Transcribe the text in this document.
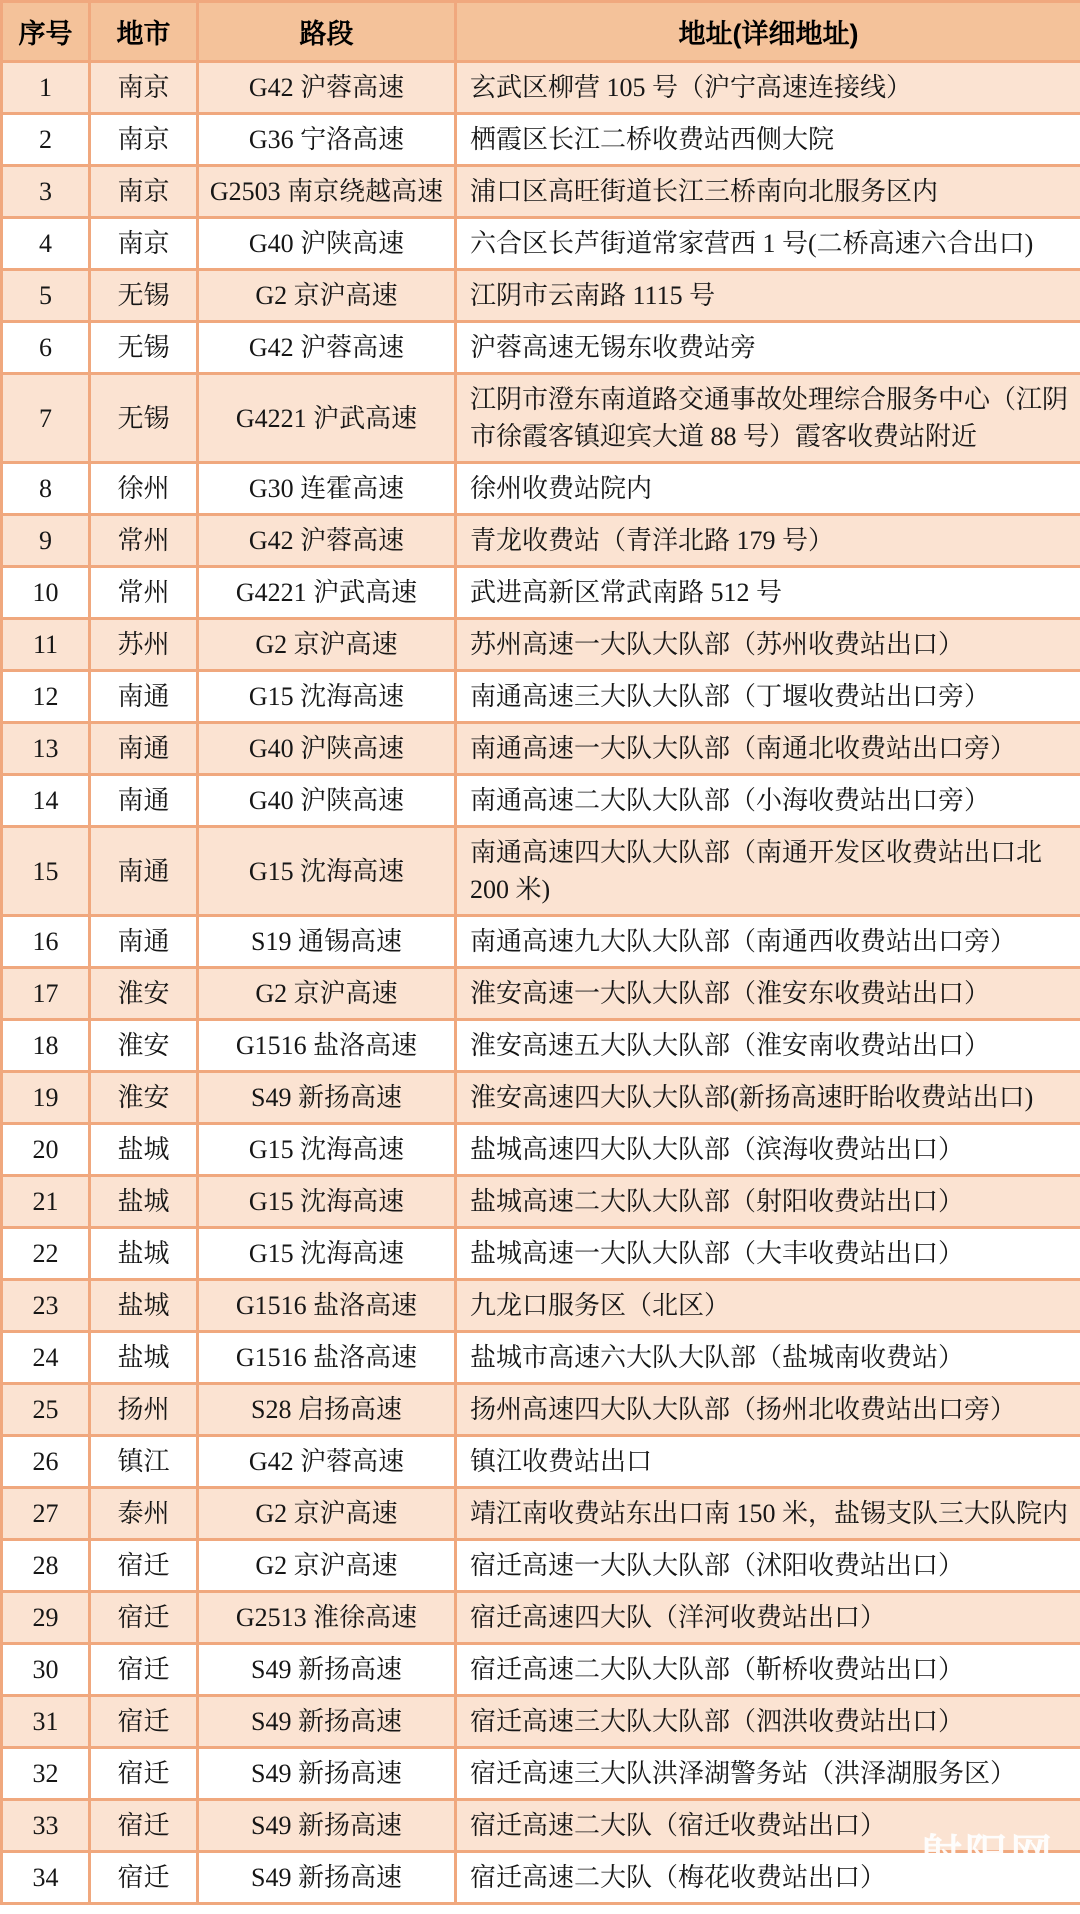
序号	地市	路段	地址(详细地址)
1	南京	G42 沪蓉高速	玄武区柳营 105 号（沪宁高速连接线）
2	南京	G36 宁洛高速	栖霞区长江二桥收费站西侧大院
3	南京	G2503 南京绕越高速	浦口区高旺街道长江三桥南向北服务区内
4	南京	G40 沪陕高速	六合区长芦街道常家营西 1 号(二桥高速六合出口)
5	无锡	G2 京沪高速	江阴市云南路 1115 号
6	无锡	G42 沪蓉高速	沪蓉高速无锡东收费站旁
7	无锡	G4221 沪武高速	江阴市澄东南道路交通事故处理综合服务中心（江阴市徐霞客镇迎宾大道 88 号）霞客收费站附近
8	徐州	G30 连霍高速	徐州收费站院内
9	常州	G42 沪蓉高速	青龙收费站（青洋北路 179 号）
10	常州	G4221 沪武高速	武进高新区常武南路 512 号
11	苏州	G2 京沪高速	苏州高速一大队大队部（苏州收费站出口）
12	南通	G15 沈海高速	南通高速三大队大队部（丁堰收费站出口旁）
13	南通	G40 沪陕高速	南通高速一大队大队部（南通北收费站出口旁）
14	南通	G40 沪陕高速	南通高速二大队大队部（小海收费站出口旁）
15	南通	G15 沈海高速	南通高速四大队大队部（南通开发区收费站出口北 200 米)
16	南通	S19 通锡高速	南通高速九大队大队部（南通西收费站出口旁）
17	淮安	G2 京沪高速	淮安高速一大队大队部（淮安东收费站出口）
18	淮安	G1516 盐洛高速	淮安高速五大队大队部（淮安南收费站出口）
19	淮安	S49 新扬高速	淮安高速四大队大队部(新扬高速盱眙收费站出口)
20	盐城	G15 沈海高速	盐城高速四大队大队部（滨海收费站出口）
21	盐城	G15 沈海高速	盐城高速二大队大队部（射阳收费站出口）
22	盐城	G15 沈海高速	盐城高速一大队大队部（大丰收费站出口）
23	盐城	G1516 盐洛高速	九龙口服务区（北区）
24	盐城	G1516 盐洛高速	盐城市高速六大队大队部（盐城南收费站）
25	扬州	S28 启扬高速	扬州高速四大队大队部（扬州北收费站出口旁）
26	镇江	G42 沪蓉高速	镇江收费站出口
27	泰州	G2 京沪高速	靖江南收费站东出口南 150 米，盐锡支队三大队院内
28	宿迁	G2 京沪高速	宿迁高速一大队大队部（沭阳收费站出口）
29	宿迁	G2513 淮徐高速	宿迁高速四大队（洋河收费站出口）
30	宿迁	S49 新扬高速	宿迁高速二大队大队部（靳桥收费站出口）
31	宿迁	S49 新扬高速	宿迁高速三大队大队部（泗洪收费站出口）
32	宿迁	S49 新扬高速	宿迁高速三大队洪泽湖警务站（洪泽湖服务区）
33	宿迁	S49 新扬高速	宿迁高速二大队（宿迁收费站出口）
34	宿迁	S49 新扬高速	宿迁高速二大队（梅花收费站出口） 射阳网
